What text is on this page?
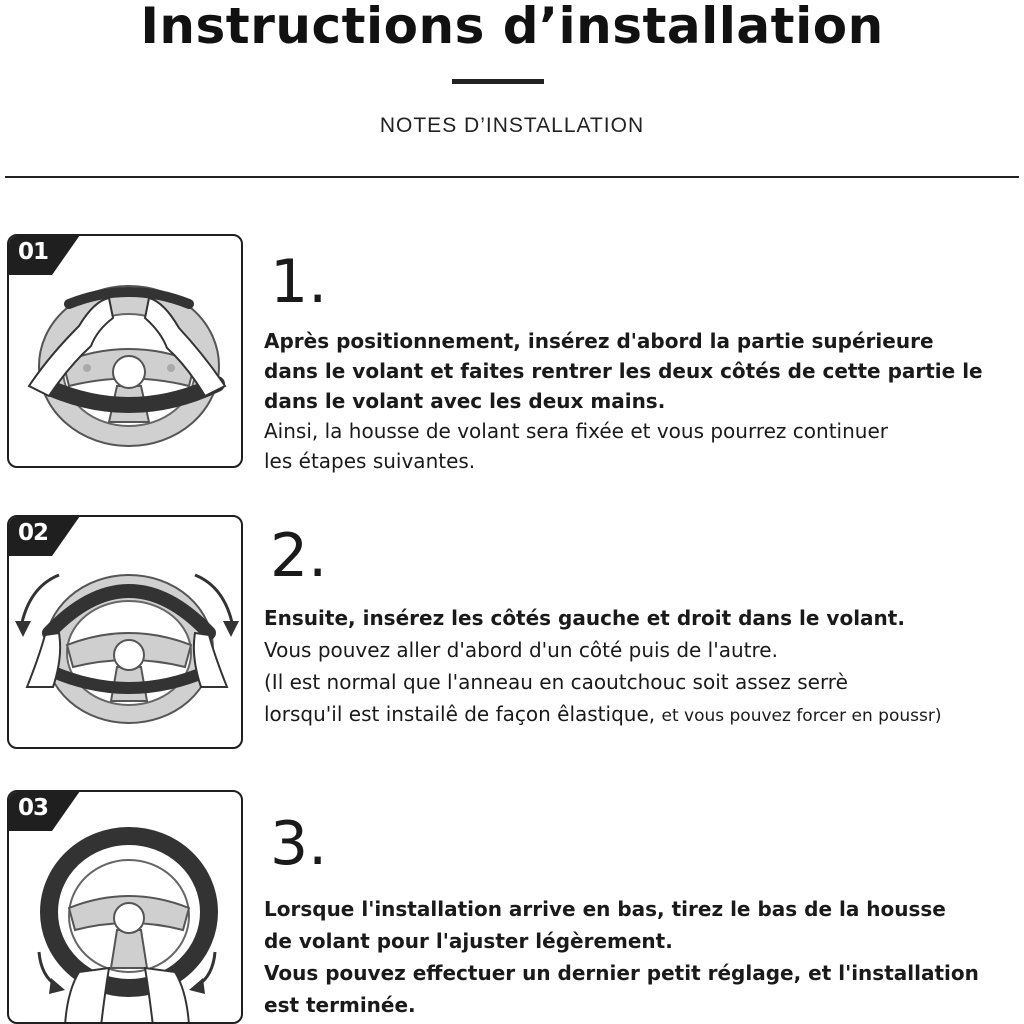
Instructions d’installation
NOTES D’INSTALLATION
01	1.
Après positionnement, insérez d'abord la partie supérieure
dans le volant et faites rentrer les deux côtés de cette partie le
dans le volant avec les deux mains.
Ainsi, la housse de volant sera fixée et vous pourrez continuer
les étapes suivantes.
02	2.
Ensuite, insérez les côtés gauche et droit dans le volant.
Vous pouvez aller d'abord d'un côté puis de l'autre.
(Il est normal que l'anneau en caoutchouc soit assez serrè
lorsqu'il est instailê de façon êlastique, et vous pouvez forcer en poussr)
03
3.
Lorsque l'installation arrive en bas, tirez le bas de la housse
de volant pour l'ajuster légèrement.
Vous pouvez effectuer un dernier petit réglage, et l'installation
est terminée.
